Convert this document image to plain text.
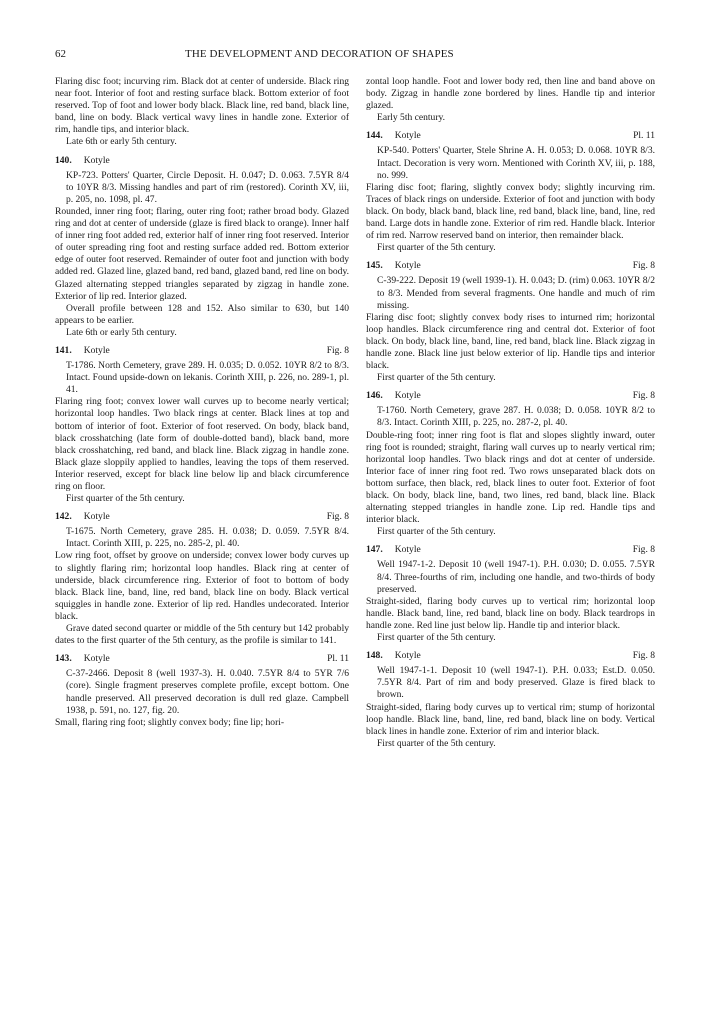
62	THE DEVELOPMENT AND DECORATION OF SHAPES

Flaring disc foot; incurving rim. Black dot at center of underside. Black ring near foot. Interior of foot and resting surface black. Bottom exterior of foot reserved. Top of foot and lower body black. Black line, red band, black line, band, line on body. Black vertical wavy lines in handle zone. Exterior of rim, handle tips, and interior black.

Late 6th or early 5th century.

140. Kotyle

KP-723. Potters' Quarter, Circle Deposit. H. 0.047; D. 0.063. 7.5YR 8/4 to 10YR 8/3. Missing handles and part of rim (restored). Corinth XV, iii, p. 205, no. 1098, pl. 47.

Rounded, inner ring foot; flaring, outer ring foot; rather broad body. Glazed ring and dot at center of underside (glaze is fired black to orange). Inner half of inner ring foot added red, exterior half of inner ring foot reserved. Interior of outer spreading ring foot and resting surface added red. Bottom exterior edge of outer foot reserved. Remainder of outer foot and junction with body added red. Glazed line, glazed band, red band, glazed band, red line on body. Glazed alternating stepped triangles separated by zigzag in handle zone. Exterior of lip red. Interior glazed.

Overall profile between 128 and 152. Also similar to 630, but 140 appears to be earlier.

Late 6th or early 5th century.

141. Kotyle	Fig. 8

T-1786. North Cemetery, grave 289. H. 0.035; D. 0.052. 10YR 8/2 to 8/3. Intact. Found upside-down on lekanis. Corinth XIII, p. 226, no. 289-1, pl. 41.

Flaring ring foot; convex lower wall curves up to become nearly vertical; horizontal loop handles. Two black rings at center. Black lines at top and bottom of interior of foot. Exterior of foot reserved. On body, black band, black crosshatching (late form of double-dotted band), black band, more black crosshatching, red band, and black line. Black zigzag in handle zone. Black glaze sloppily applied to handles, leaving the tops of them reserved. Interior reserved, except for black line below lip and black circumference ring on floor.

First quarter of the 5th century.

142. Kotyle	Fig. 8

T-1675. North Cemetery, grave 285. H. 0.038; D. 0.059. 7.5YR 8/4. Intact. Corinth XIII, p. 225, no. 285-2, pl. 40.

Low ring foot, offset by groove on underside; convex lower body curves up to slightly flaring rim; horizontal loop handles. Black ring at center of underside, black circumference ring. Exterior of foot to bottom of body black. Black line, band, line, red band, black line on body. Black vertical squiggles in handle zone. Exterior of lip red. Handles undecorated. Interior black.

Grave dated second quarter or middle of the 5th century but 142 probably dates to the first quarter of the 5th century, as the profile is similar to 141.

143. Kotyle	Pl. 11

C-37-2466. Deposit 8 (well 1937-3). H. 0.040. 7.5YR 8/4 to 5YR 7/6 (core). Single fragment preserves complete profile, except bottom. One handle preserved. All preserved decoration is dull red glaze. Campbell 1938, p. 591, no. 127, fig. 20.

Small, flaring ring foot; slightly convex body; fine lip; hori-

zontal loop handle. Foot and lower body red, then line and band above on body. Zigzag in handle zone bordered by lines. Handle tip and interior glazed.

Early 5th century.

144. Kotyle	Pl. 11

KP-540. Potters' Quarter, Stele Shrine A. H. 0.053; D. 0.068. 10YR 8/3. Intact. Decoration is very worn. Mentioned with Corinth XV, iii, p. 188, no. 999.

Flaring disc foot; flaring, slightly convex body; slightly incurving rim. Traces of black rings on underside. Exterior of foot and junction with body black. On body, black band, black line, red band, black line, band, line, red band. Large dots in handle zone. Exterior of rim red. Handle black. Interior of rim red. Narrow reserved band on interior, then remainder black.

First quarter of the 5th century.

145. Kotyle	Fig. 8

C-39-222. Deposit 19 (well 1939-1). H. 0.043; D. (rim) 0.063. 10YR 8/2 to 8/3. Mended from several fragments. One handle and much of rim missing.

Flaring disc foot; slightly convex body rises to inturned rim; horizontal loop handles. Black circumference ring and central dot. Exterior of foot black. On body, black line, band, line, red band, black line. Black zigzag in handle zone. Black line just below exterior of lip. Handle tips and interior black.

First quarter of the 5th century.

146. Kotyle	Fig. 8

T-1760. North Cemetery, grave 287. H. 0.038; D. 0.058. 10YR 8/2 to 8/3. Intact. Corinth XIII, p. 225, no. 287-2, pl. 40.

Double-ring foot; inner ring foot is flat and slopes slightly inward, outer ring foot is rounded; straight, flaring wall curves up to nearly vertical rim; horizontal loop handles. Two black rings and dot at center of underside. Interior face of inner ring foot red. Two rows unseparated black dots on bottom surface, then black, red, black lines to outer foot. Exterior of foot black. On body, black line, band, two lines, red band, black line. Black alternating stepped triangles in handle zone. Lip red. Handle tips and interior black.

First quarter of the 5th century.

147. Kotyle	Fig. 8

Well 1947-1-2. Deposit 10 (well 1947-1). P.H. 0.030; D. 0.055. 7.5YR 8/4. Three-fourths of rim, including one handle, and two-thirds of body preserved.

Straight-sided, flaring body curves up to vertical rim; horizontal loop handle. Black band, line, red band, black line on body. Black teardrops in handle zone. Red line just below lip. Handle tip and interior black.

First quarter of the 5th century.

148. Kotyle	Fig. 8

Well 1947-1-1. Deposit 10 (well 1947-1). P.H. 0.033; Est.D. 0.050. 7.5YR 8/4. Part of rim and body preserved. Glaze is fired black to brown.

Straight-sided, flaring body curves up to vertical rim; stump of horizontal loop handle. Black line, band, line, red band, black line on body. Vertical black lines in handle zone. Exterior of rim and interior black.

First quarter of the 5th century.
